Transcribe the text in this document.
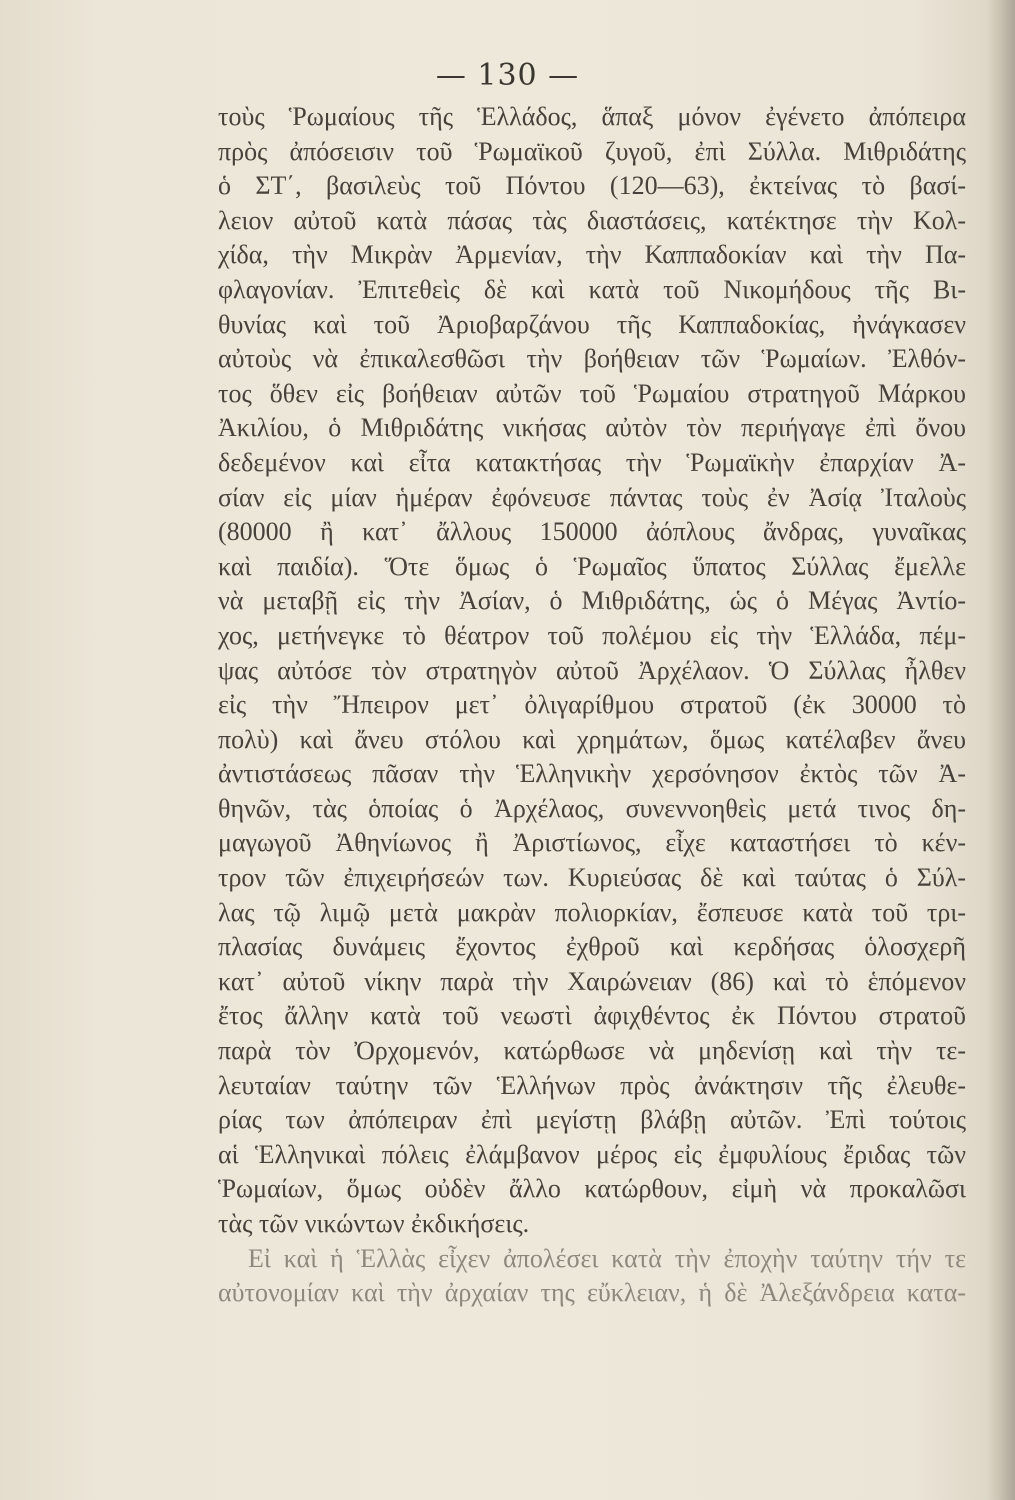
— 130 —
τοὺς Ῥωμαίους τῆς Ἑλλάδος, ἅπαξ μόνον ἐγένετο ἀπόπειρα
πρὸς ἀπόσεισιν τοῦ Ῥωμαϊκοῦ ζυγοῦ, ἐπὶ Σύλλα. Μιθριδάτης
ὁ ΣΤ΄, βασιλεὺς τοῦ Πόντου (120—63), ἐκτείνας τὸ βασί-
λειον αὐτοῦ κατὰ πάσας τὰς διαστάσεις, κατέκτησε τὴν Κολ-
χίδα, τὴν Μικρὰν Ἀρμενίαν, τὴν Καππαδοκίαν καὶ τὴν Πα-
φλαγονίαν. Ἐπιτεθεὶς δὲ καὶ κατὰ τοῦ Νικομήδους τῆς Βι-
θυνίας καὶ τοῦ Ἀριοβαρζάνου τῆς Καππαδοκίας, ἠνάγκασεν
αὐτοὺς νὰ ἐπικαλεσθῶσι τὴν βοήθειαν τῶν Ῥωμαίων. Ἐλθόν-
τος ὅθεν εἰς βοήθειαν αὐτῶν τοῦ Ῥωμαίου στρατηγοῦ Μάρκου
Ἀκιλίου, ὁ Μιθριδάτης νικήσας αὐτὸν τὸν περιήγαγε ἐπὶ ὄνου
δεδεμένον καὶ εἶτα κατακτήσας τὴν Ῥωμαϊκὴν ἐπαρχίαν Ἀ-
σίαν εἰς μίαν ἡμέραν ἐφόνευσε πάντας τοὺς ἐν Ἀσίᾳ Ἰταλοὺς
(80000 ἢ κατ᾽ ἄλλους 150000 ἀόπλους ἄνδρας, γυναῖκας
καὶ παιδία). Ὅτε ὅμως ὁ Ῥωμαῖος ὕπατος Σύλλας ἔμελλε
νὰ μεταβῇ εἰς τὴν Ἀσίαν, ὁ Μιθριδάτης, ὡς ὁ Μέγας Ἀντίο-
χος, μετήνεγκε τὸ θέατρον τοῦ πολέμου εἰς τὴν Ἑλλάδα, πέμ-
ψας αὐτόσε τὸν στρατηγὸν αὐτοῦ Ἀρχέλαον. Ὁ Σύλλας ἦλθεν
εἰς τὴν Ἤπειρον μετ᾽ ὀλιγαρίθμου στρατοῦ (ἐκ 30000 τὸ
πολὺ) καὶ ἄνευ στόλου καὶ χρημάτων, ὅμως κατέλαβεν ἄνευ
ἀντιστάσεως πᾶσαν τὴν Ἑλληνικὴν χερσόνησον ἐκτὸς τῶν Ἀ-
θηνῶν, τὰς ὁποίας ὁ Ἀρχέλαος, συνεννοηθεὶς μετά τινος δη-
μαγωγοῦ Ἀθηνίωνος ἢ Ἀριστίωνος, εἶχε καταστήσει τὸ κέν-
τρον τῶν ἐπιχειρήσεών των. Κυριεύσας δὲ καὶ ταύτας ὁ Σύλ-
λας τῷ λιμῷ μετὰ μακρὰν πολιορκίαν, ἔσπευσε κατὰ τοῦ τρι-
πλασίας δυνάμεις ἔχοντος ἐχθροῦ καὶ κερδήσας ὁλοσχερῆ
κατ᾽ αὐτοῦ νίκην παρὰ τὴν Χαιρώνειαν (86) καὶ τὸ ἑπόμενον
ἔτος ἄλλην κατὰ τοῦ νεωστὶ ἀφιχθέντος ἐκ Πόντου στρατοῦ
παρὰ τὸν Ὀρχομενόν, κατώρθωσε νὰ μηδενίσῃ καὶ τὴν τε-
λευταίαν ταύτην τῶν Ἑλλήνων πρὸς ἀνάκτησιν τῆς ἐλευθε-
ρίας των ἀπόπειραν ἐπὶ μεγίστῃ βλάβῃ αὐτῶν. Ἐπὶ τούτοις
αἱ Ἑλληνικαὶ πόλεις ἐλάμβανον μέρος εἰς ἐμφυλίους ἔριδας τῶν
Ῥωμαίων, ὅμως οὐδὲν ἄλλο κατώρθουν, εἰμὴ νὰ προκαλῶσι
τὰς τῶν νικώντων ἐκδικήσεις.
Εἰ καὶ ἡ Ἑλλὰς εἶχεν ἀπολέσει κατὰ τὴν ἐποχὴν ταύτην τήν τε
αὐτονομίαν καὶ τὴν ἀρχαίαν της εὔκλειαν, ἡ δὲ Ἀλεξάνδρεια κατα-
